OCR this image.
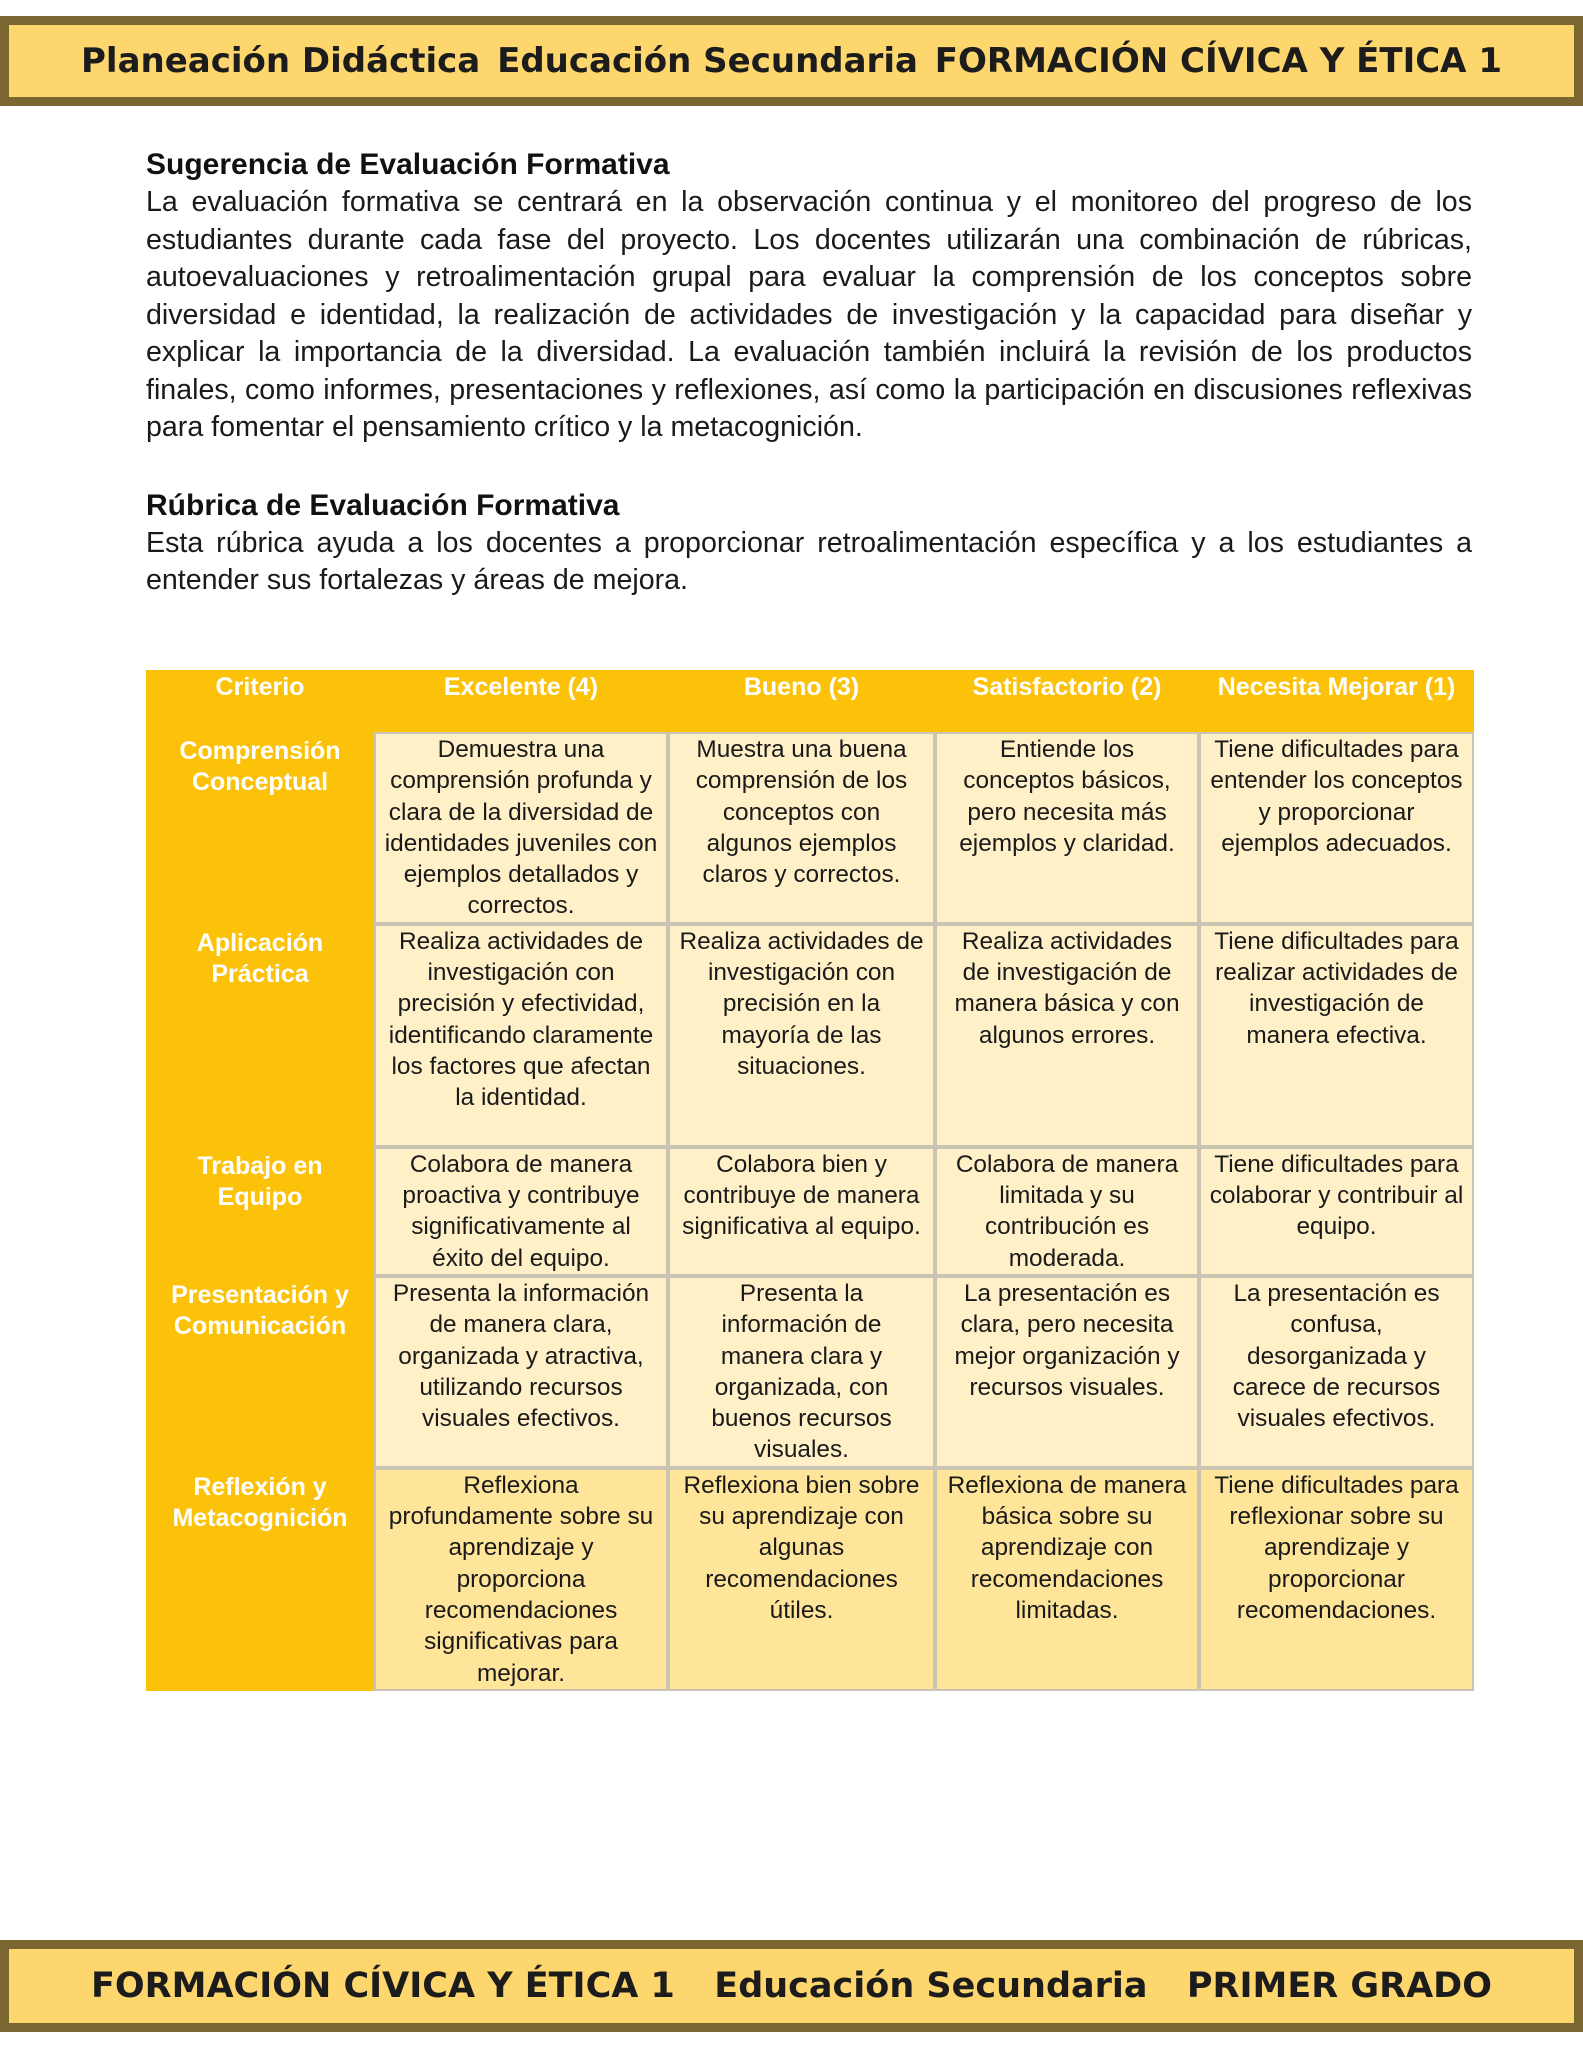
Planeación Didáctica Educación Secundaria FORMACIÓN CÍVICA Y ÉTICA 1
Sugerencia de Evaluación Formativa

La evaluación formativa se centrará en la observación continua y el monitoreo del progreso de los estudiantes durante cada fase del proyecto. Los docentes utilizarán una combinación de rúbricas, autoevaluaciones y retroalimentación grupal para evaluar la comprensión de los conceptos sobre diversidad e identidad, la realización de actividades de investigación y la capacidad para diseñar y explicar la importancia de la diversidad. La evaluación también incluirá la revisión de los productos finales, como informes, presentaciones y reflexiones, así como la participación en discusiones reflexivas para fomentar el pensamiento crítico y la metacognición.

Rúbrica de Evaluación Formativa

Esta rúbrica ayuda a los docentes a proporcionar retroalimentación específica y a los estudiantes a entender sus fortalezas y áreas de mejora.

Criterio	Excelente (4)	Bueno (3)	Satisfactorio (2)	Necesita Mejorar (1)
Comprensión Conceptual	Demuestra una comprensión profunda y clara de la diversidad de identidades juveniles con ejemplos detallados y correctos.	Muestra una buena comprensión de los conceptos con algunos ejemplos claros y correctos.	Entiende los conceptos básicos, pero necesita más ejemplos y claridad.	Tiene dificultades para entender los conceptos y proporcionar ejemplos adecuados.
Aplicación Práctica	Realiza actividades de investigación con precisión y efectividad, identificando claramente los factores que afectan la identidad.	Realiza actividades de investigación con precisión en la mayoría de las situaciones.	Realiza actividades de investigación de manera básica y con algunos errores.	Tiene dificultades para realizar actividades de investigación de manera efectiva.
Trabajo en Equipo	Colabora de manera proactiva y contribuye significativamente al éxito del equipo.	Colabora bien y contribuye de manera significativa al equipo.	Colabora de manera limitada y su contribución es moderada.	Tiene dificultades para colaborar y contribuir al equipo.
Presentación y Comunicación	Presenta la información de manera clara, organizada y atractiva, utilizando recursos visuales efectivos.	Presenta la información de manera clara y organizada, con buenos recursos visuales.	La presentación es clara, pero necesita mejor organización y recursos visuales.	La presentación es confusa, desorganizada y carece de recursos visuales efectivos.
Reflexión y Metacognición	Reflexiona profundamente sobre su aprendizaje y proporciona recomendaciones significativas para mejorar.	Reflexiona bien sobre su aprendizaje con algunas recomendaciones útiles.	Reflexiona de manera básica sobre su aprendizaje con recomendaciones limitadas.	Tiene dificultades para reflexionar sobre su aprendizaje y proporcionar recomendaciones.
FORMACIÓN CÍVICA Y ÉTICA 1 Educación Secundaria PRIMER GRADO
